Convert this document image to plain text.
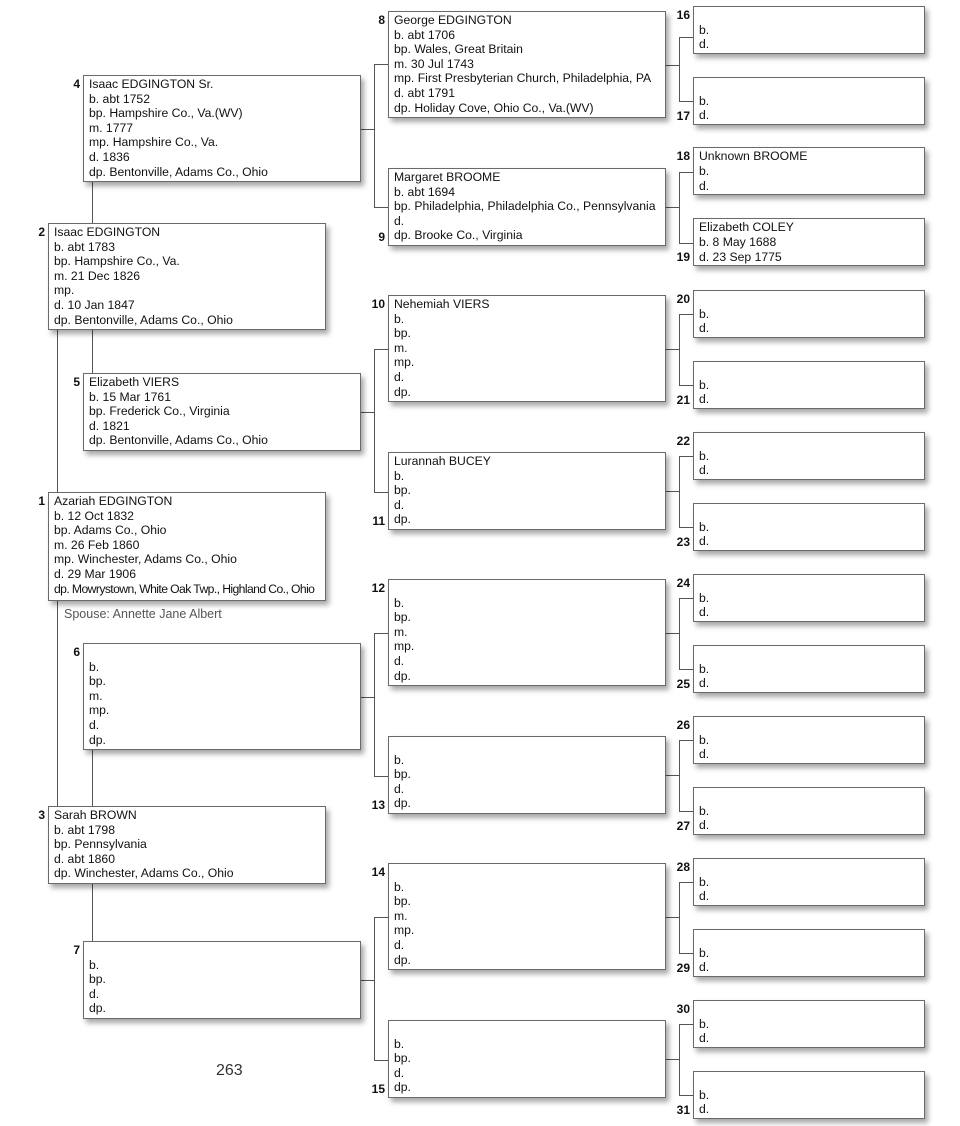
Azariah EDGINGTON
b. 12 Oct 1832
bp. Adams Co., Ohio
m. 26 Feb 1860
mp. Winchester, Adams Co., Ohio
d. 29 Mar 1906
dp. Mowrystown, White Oak Twp., Highland Co., Ohio
1
Isaac EDGINGTON
b. abt 1783
bp. Hampshire Co., Va.
m. 21 Dec 1826
mp.
d. 10 Jan 1847
dp. Bentonville, Adams Co., Ohio
2
Sarah BROWN
b. abt 1798
bp. Pennsylvania
d. abt 1860
dp. Winchester, Adams Co., Ohio
3
Isaac EDGINGTON Sr.
b. abt 1752
bp. Hampshire Co., Va.(WV)
m. 1777
mp. Hampshire Co., Va.
d. 1836
dp. Bentonville, Adams Co., Ohio
4
Elizabeth VIERS
b. 15 Mar 1761
bp. Frederick Co., Virginia
d. 1821
dp. Bentonville, Adams Co., Ohio
5

b.
bp.
m.
mp.
d.
dp.
6

b.
bp.
d.
dp.
7
George EDGINGTON
b. abt 1706
bp. Wales, Great Britain
m. 30 Jul 1743
mp. First Presbyterian Church, Philadelphia, PA
d. abt 1791
dp. Holiday Cove, Ohio Co., Va.(WV)
8
Margaret BROOME
b. abt 1694
bp. Philadelphia, Philadelphia Co., Pennsylvania
d.
dp. Brooke Co., Virginia
9
Nehemiah VIERS
b.
bp.
m.
mp.
d.
dp.
10
Lurannah BUCEY
b.
bp.
d.
dp.
11

b.
bp.
m.
mp.
d.
dp.
12

b.
bp.
d.
dp.
13

b.
bp.
m.
mp.
d.
dp.
14

b.
bp.
d.
dp.
15

b.
d.
16

b.
d.
17
Unknown BROOME
b.
d.
18
Elizabeth COLEY
b. 8 May 1688
d. 23 Sep 1775
19

b.
d.
20

b.
d.
21

b.
d.
22

b.
d.
23

b.
d.
24

b.
d.
25

b.
d.
26

b.
d.
27

b.
d.
28

b.
d.
29

b.
d.
30

b.
d.
31
Spouse: Annette Jane Albert
263
